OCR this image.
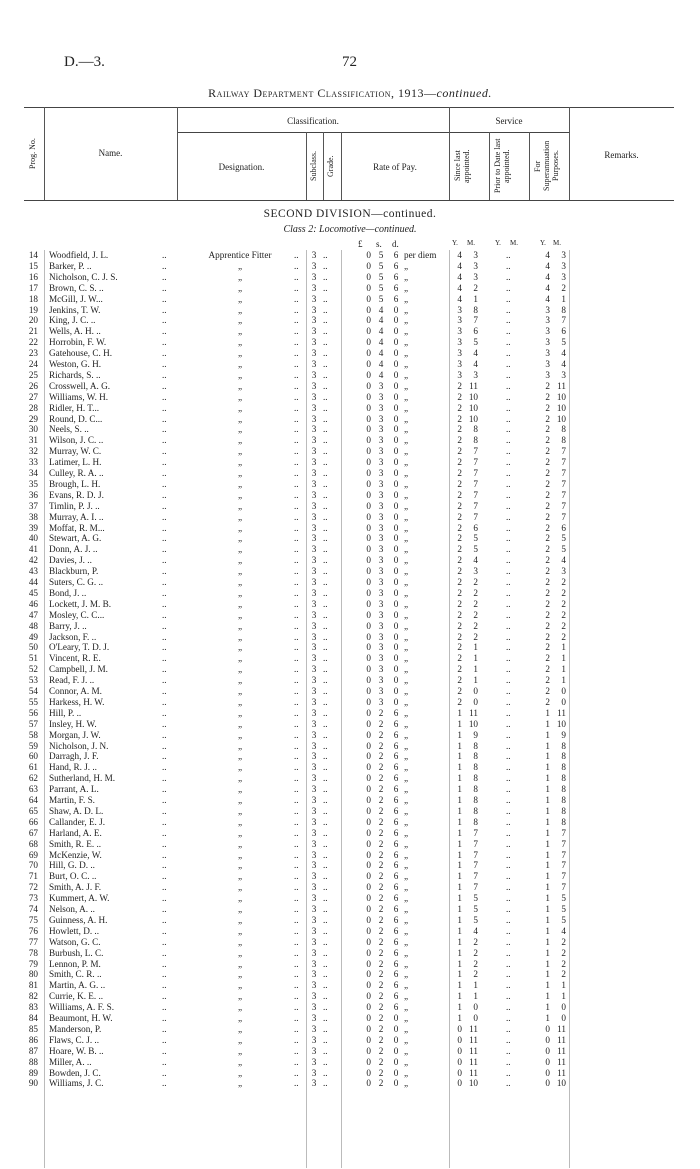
D.—3.	72
Railway Department Classification, 1913—continued.
Prog. No.	Name.
Classification.
Designation.	Subclass.	Grade.	Rate of Pay.
Service
Since last appointed.	Prior to Date last appointed.	For Superannuation Purposes.	Remarks.
SECOND DIVISION—continued.
Class 2: Locomotive—continued.
£ s. d.	Y. M.	Y. M.	Y. M.
14 Woodfield, J. L.	..	Apprentice Fitter	..	3 ..	0 5	6 per diem	4	3	..	4	3
15 Barker, P. ..	..	„	..	3 ..	0 5	6 „	4	3	..	4	3
16 Nicholson, C. J. S.	..	„	..	3 ..	0 5	6 „	4	3	..	4	3
17 Brown, C. S. ..	..	„	..	3 ..	0 5	6 „	4	2	..	4	2
18 McGill, J. W...	..	„	..	3 ..	0 5	6 „	4	1	..	4	1
19 Jenkins, T. W.	..	„	..	3 ..	0 4	0 „	3	8	..	3	8
20 King, J. C. ..	..	„	..	3 ..	0 4	0 „	3	7	..	3	7
21 Wells, A. H. ..	..	„	..	3 ..	0 4	0 „	3	6	..	3	6
22 Horrobin, F. W.	..	„	..	3 ..	0 4	0 „	3	5	..	3	5
23 Gatehouse, C. H.	..	„	..	3 ..	0 4	0 „	3	4	..	3	4
24 Weston, G. H.	..	„	..	3 ..	0 4	0 „	3	4	..	3	4
25 Richards, S. ..	..	„	..	3 ..	0 4	0 „	3	3	..	3	3
26 Crosswell, A. G.	..	„	..	3 ..	0 3	0 „	2 11	..	2 11
27 Williams, W. H.	..	„	..	3 ..	0 3	0 „	2 10	..	2 10
28 Ridler, H. T...	..	„	..	3 ..	0 3	0 „	2 10	..	2 10
29 Round, D. C...	..	„	..	3 ..	0 3	0 „	2 10	..	2 10
30 Neels, S. ..	..	„	..	3 ..	0 3	0 „	2	8	..	2	8
31 Wilson, J. C. ..	..	„	..	3 ..	0 3	0 „	2	8	..	2	8
32 Murray, W. C.	..	„	..	3 ..	0 3	0 „	2	7	..	2	7
33 Latimer, L. H.	..	„	..	3 ..	0 3	0 „	2	7	..	2	7
34 Culley, R. A. ..	..	„	..	3 ..	0 3	0 „	2	7	..	2	7
35 Brough, L. H.	..	„	..	3 ..	0 3	0 „	2	7	..	2	7
36 Evans, R. D. J.	..	„	..	3 ..	0 3	0 „	2	7	..	2	7
37 Timlin, P. J. ..	..	„	..	3 ..	0 3	0 „	2	7	..	2	7
38 Murray, A. I. ..	..	„	..	3 ..	0 3	0 „	2	7	..	2	7
39 Moffat, R. M...	..	„	..	3 ..	0 3	0 „	2	6	..	2	6
40 Stewart, A. G.	..	„	..	3 ..	0 3	0 „	2	5	..	2	5
41 Donn, A. J. ..	..	„	..	3 ..	0 3	0 „	2	5	..	2	5
42 Davies, J. ..	..	„	..	3 ..	0 3	0 „	2	4	..	2	4
43 Blackburn, P.	..	„	..	3 ..	0 3	0 „	2	3	..	2	3
44 Suters, C. G. ..	..	„	..	3 ..	0 3	0 „	2	2	..	2	2
45 Bond, J. ..	..	„	..	3 ..	0 3	0 „	2	2	..	2	2
46 Lockett, J. M. B.	..	„	..	3 ..	0 3	0 „	2	2	..	2	2
47 Mosley, C. C...	..	„	..	3 ..	0 3	0 „	2	2	..	2	2
48 Barry, J. ..	..	„	..	3 ..	0 3	0 „	2	2	..	2	2
49 Jackson, F. ..	..	„	..	3 ..	0 3	0 „	2	2	..	2	2
50 O'Leary, T. D. J.	..	„	..	3 ..	0 3	0 „	2	1	..	2	1
51 Vincent, R. E.	..	„	..	3 ..	0 3	0 „	2	1	..	2	1
52 Campbell, J. M.	..	„	..	3 ..	0 3	0 „	2	1	..	2	1
53 Read, F. J. ..	..	„	..	3 ..	0 3	0 „	2	1	..	2	1
54 Connor, A. M.	..	„	..	3 ..	0 3	0 „	2	0	..	2	0
55 Harkess, H. W.	..	„	..	3 ..	0 3	0 „	2	0	..	2	0
56 Hill, P. ..	..	„	..	3 ..	0 2	6 „	1 11	..	1 11
57 Insley, H. W.	..	„	..	3 ..	0 2	6 „	1 10	..	1 10
58 Morgan, J. W.	..	„	..	3 ..	0 2	6 „	1	9	..	1	9
59 Nicholson, J. N.	..	„	..	3 ..	0 2	6 „	1	8	..	1	8
60 Darragh, J. F.	..	„	..	3 ..	0 2	6 „	1	8	..	1	8
61 Hand, R. J. ..	..	„	..	3 ..	0 2	6 „	1	8	..	1	8
62 Sutherland, H. M.	..	„	..	3 ..	0 2	6 „	1	8	..	1	8
63 Parrant, A. L.	..	„	..	3 ..	0 2	6 „	1	8	..	1	8
64 Martin, F. S.	..	„	..	3 ..	0 2	6 „	1	8	..	1	8
65 Shaw, A. D. L.	..	„	..	3 ..	0 2	6 „	1	8	..	1	8
66 Callander, E. J.	..	„	..	3 ..	0 2	6 „	1	8	..	1	8
67 Harland, A. E.	..	„	..	3 ..	0 2	6 „	1	7	..	1	7
68 Smith, R. E. ..	..	„	..	3 ..	0 2	6 „	1	7	..	1	7
69 McKenzie, W.	..	„	..	3 ..	0 2	6 „	1	7	..	1	7
70 Hill, G. D. ..	..	„	..	3 ..	0 2	6 „	1	7	..	1	7
71 Burt, O. C. ..	..	„	..	3 ..	0 2	6 „	1	7	..	1	7
72 Smith, A. J. F.	..	„	..	3 ..	0 2	6 „	1	7	..	1	7
73 Kummert, A. W.	..	„	..	3 ..	0 2	6 „	1	5	..	1	5
74 Nelson, A. ..	..	„	..	3 ..	0 2	6 „	1	5	..	1	5
75 Guinness, A. H.	..	„	..	3 ..	0 2	6 „	1	5	..	1	5
76 Howlett, D. ..	..	„	..	3 ..	0 2	6 „	1	4	..	1	4
77 Watson, G. C.	..	„	..	3 ..	0 2	6 „	1	2	..	1	2
78 Burbush, L. C.	..	„	..	3 ..	0 2	6 „	1	2	..	1	2
79 Lennon, P. M.	..	„	..	3 ..	0 2	6 „	1	2	..	1	2
80 Smith, C. R. ..	..	„	..	3 ..	0 2	6 „	1	2	..	1	2
81 Martin, A. G. ..	..	„	..	3 ..	0 2	6 „	1	1	..	1	1
82 Currie, K. E. ..	..	„	..	3 ..	0 2	6 „	1	1	..	1	1
83 Williams, A. F. S.	..	„	..	3 ..	0 2	6 „	1	0	..	1	0
84 Beaumont, H. W.	..	„	..	3 ..	0 2	0 „	1	0	..	1	0
85 Manderson, P.	..	„	..	3 ..	0 2	0 „	0 11	..	0 11
86 Flaws, C. J. ..	..	„	..	3 ..	0 2	0 „	0 11	..	0 11
87 Hoare, W. B. ..	..	„	..	3 ..	0 2	0 „	0 11	..	0 11
88 Miller, A. ..	..	„	..	3 ..	0 2	0 „	0 11	..	0 11
89 Bowden, J. C.	..	„	..	3 ..	0 2	0 „	0 11	..	0 11
90 Williams, J. C.	..	„	..	3 ..	0 2	0 „	0 10	..	0 10
